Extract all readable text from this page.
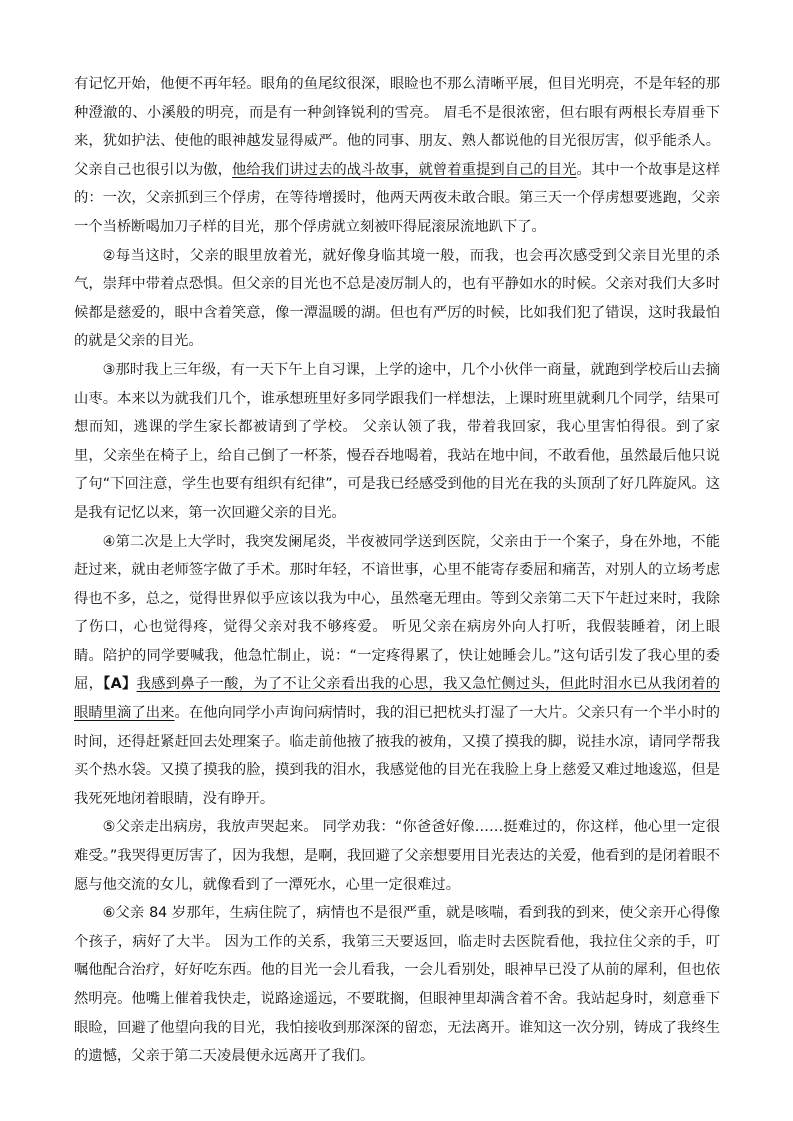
有记忆开始，他便不再年轻。眼角的鱼尾纹很深，眼睑也不那么清晰平展，但目光明亮，不是年轻的那种澄澈的、小溪般的明亮，而是有一种剑锋锐利的雪亮。 眉毛不是很浓密，但右眼有两根长寿眉垂下来，犹如护法、使他的眼神越发显得威严。他的同事、朋友、熟人都说他的目光很厉害，似乎能杀人。父亲自己也很引以为傲，他给我们讲过去的战斗故事，就曾着重提到自己的目光。其中一个故事是这样的：一次，父亲抓到三个俘虏，在等待增援时，他两天两夜未敢合眼。第三天一个俘虏想要逃跑，父亲一个当桥断喝加刀子样的目光，那个俘虏就立刻被吓得屁滚尿流地趴下了。

②每当这时，父亲的眼里放着光，就好像身临其境一般，而我，也会再次感受到父亲目光里的杀气，崇拜中带着点恐惧。但父亲的目光也不总是凌厉制人的，也有平静如水的时候。父亲对我们大多时候都是慈爱的，眼中含着笑意，像一潭温暖的湖。但也有严厉的时候，比如我们犯了错误，这时我最怕的就是父亲的目光。

③那时我上三年级，有一天下午上自习课，上学的途中，几个小伙伴一商量，就跑到学校后山去摘山枣。本来以为就我们几个，谁承想班里好多同学跟我们一样想法，上课时班里就剩几个同学，结果可想而知，逃课的学生家长都被请到了学校。 父亲认领了我，带着我回家，我心里害怕得很。到了家里，父亲坐在椅子上，给自己倒了一杯茶，慢吞吞地喝着，我站在地中间，不敢看他，虽然最后他只说了句“下回注意，学生也要有组织有纪律”，可是我已经感受到他的目光在我的头顶刮了好几阵旋风。这是我有记忆以来，第一次回避父亲的目光。

④第二次是上大学时，我突发阑尾炎，半夜被同学送到医院，父亲由于一个案子，身在外地，不能赶过来，就由老师签字做了手术。那时年轻，不谙世事，心里不能寄存委屈和痛苦，对别人的立场考虑得也不多，总之，觉得世界似乎应该以我为中心，虽然毫无理由。等到父亲第二天下午赶过来时，我除了伤口，心也觉得疼，觉得父亲对我不够疼爱。 听见父亲在病房外向人打听，我假装睡着，闭上眼睛。陪护的同学要喊我，他急忙制止，说：“一定疼得累了，快让她睡会儿。”这句话引发了我心里的委屈，【A】我感到鼻子一酸，为了不让父亲看出我的心思，我又急忙侧过头，但此时泪水已从我闭着的眼睛里滴了出来。在他向同学小声询问病情时，我的泪已把枕头打湿了一大片。父亲只有一个半小时的时间，还得赶紧赶回去处理案子。临走前他掖了掖我的被角，又摸了摸我的脚，说挂水凉，请同学帮我买个热水袋。又摸了摸我的脸，摸到我的泪水，我感觉他的目光在我脸上身上慈爱又难过地逡巡，但是我死死地闭着眼睛，没有睁开。

⑤父亲走出病房，我放声哭起来。 同学劝我：“你爸爸好像……挺难过的，你这样，他心里一定很难受。”我哭得更厉害了，因为我想，是啊，我回避了父亲想要用目光表达的关爱，他看到的是闭着眼不愿与他交流的女儿，就像看到了一潭死水，心里一定很难过。

⑥父亲 84 岁那年，生病住院了，病情也不是很严重，就是咳喘，看到我的到来，使父亲开心得像个孩子，病好了大半。 因为工作的关系，我第三天要返回，临走时去医院看他，我拉住父亲的手，叮嘱他配合治疗，好好吃东西。他的目光一会儿看我，一会儿看别处，眼神早已没了从前的犀利，但也依然明亮。他嘴上催着我快走，说路途遥远，不要耽搁，但眼神里却满含着不舍。我站起身时，刻意垂下眼睑，回避了他望向我的目光，我怕接收到那深深的留恋，无法离开。谁知这一次分别，铸成了我终生的遗憾，父亲于第二天凌晨便永远离开了我们。
